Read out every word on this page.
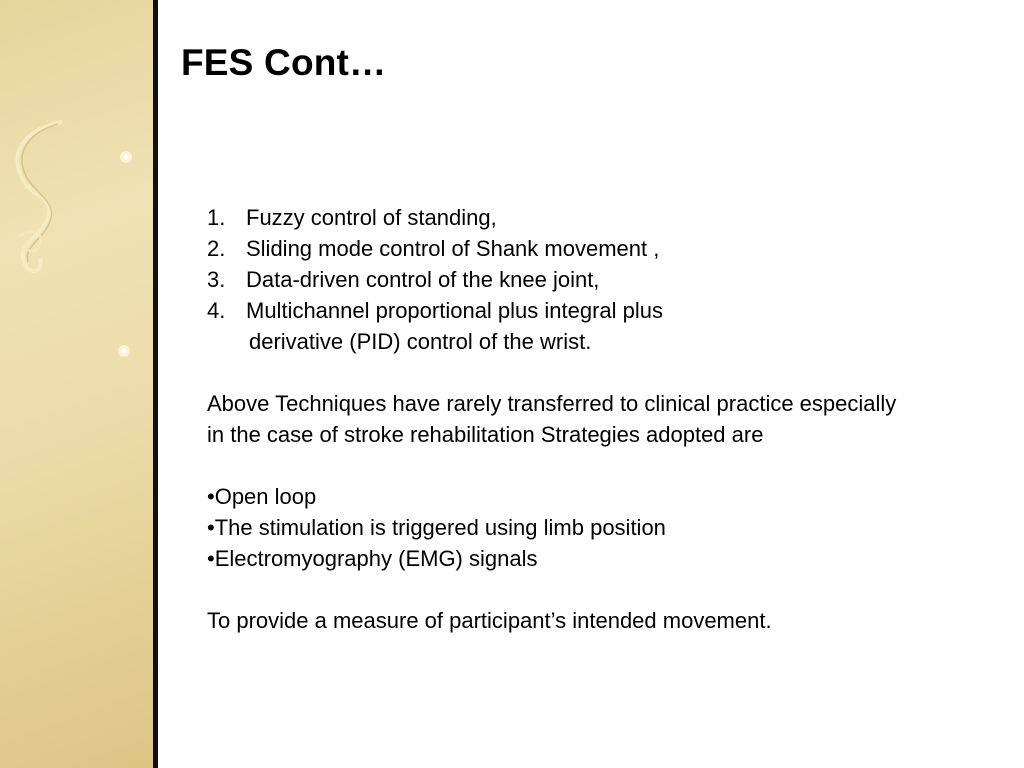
FES Cont…
1. Fuzzy control of standing,
2. Sliding mode control of Shank movement ,
3. Data-driven control of the knee joint,
4. Multichannel proportional plus integral plus
derivative (PID) control of the wrist.
Above Techniques have rarely transferred to clinical practice especially
in the case of stroke rehabilitation Strategies adopted are
•Open loop
•The stimulation is triggered using limb position
•Electromyography (EMG) signals
To provide a measure of participant’s intended movement.
